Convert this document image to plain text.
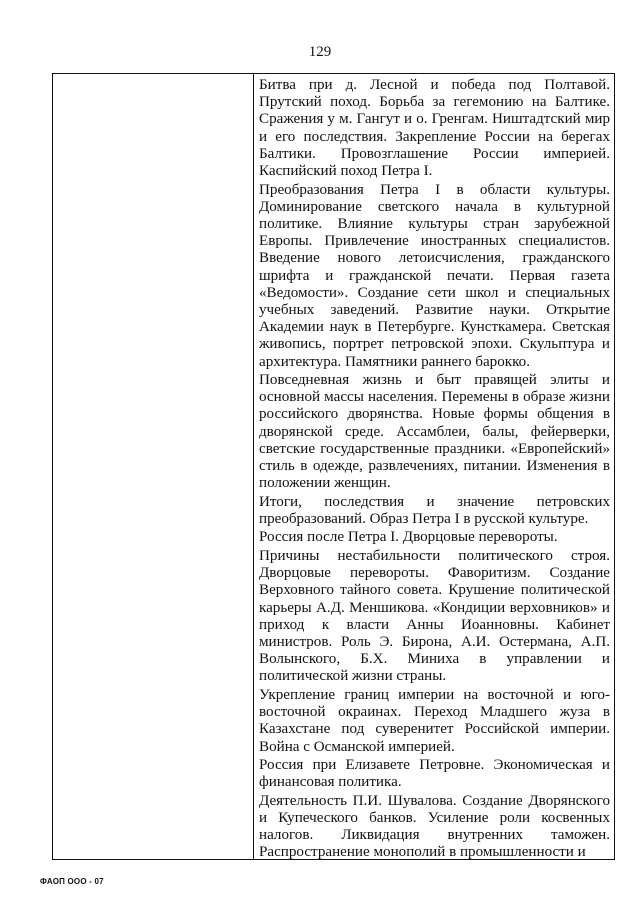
129

Битва при д. Лесной и победа под Полтавой. Прутский поход. Борьба за гегемонию на Балтике. Сражения у м. Гангут и о. Гренгам. Ништадтский мир и его последствия. Закрепление России на берегах Балтики. Провозглашение России империей. Каспийский поход Петра I.

Преобразования Петра I в области культуры. Доминирование светского начала в культурной политике. Влияние культуры стран зарубежной Европы. Привлечение иностранных специалистов. Введение нового летоисчисления, гражданского шрифта и гражданской печати. Первая газета «Ведомости». Создание сети школ и специальных учебных заведений. Развитие науки. Открытие Академии наук в Петербурге. Кунсткамера. Светская живопись, портрет петровской эпохи. Скульптура и архитектура. Памятники раннего барокко.

Повседневная жизнь и быт правящей элиты и основной массы населения. Перемены в образе жизни российского дворянства. Новые формы общения в дворянской среде. Ассамблеи, балы, фейерверки, светские государственные праздники. «Европейский» стиль в одежде, развлечениях, питании. Изменения в положении женщин.

Итоги, последствия и значение петровских преобразований. Образ Петра I в русской культуре.

Россия после Петра I. Дворцовые перевороты.

Причины нестабильности политического строя. Дворцовые перевороты. Фаворитизм. Создание Верховного тайного совета. Крушение политической карьеры А.Д. Меншикова. «Кондиции верховников» и приход к власти Анны Иоанновны. Кабинет министров. Роль Э. Бирона, А.И. Остермана, А.П. Волынского, Б.Х. Миниха в управлении и политической жизни страны.

Укрепление границ империи на восточной и юго-восточной окраинах. Переход Младшего жуза в Казахстане под суверенитет Российской империи. Война с Османской империей.

Россия при Елизавете Петровне. Экономическая и финансовая политика.

Деятельность П.И. Шувалова. Создание Дворянского и Купеческого банков. Усиление роли косвенных налогов. Ликвидация внутренних таможен. Распространение монополий в промышленности и

ФАОП ООО - 07
